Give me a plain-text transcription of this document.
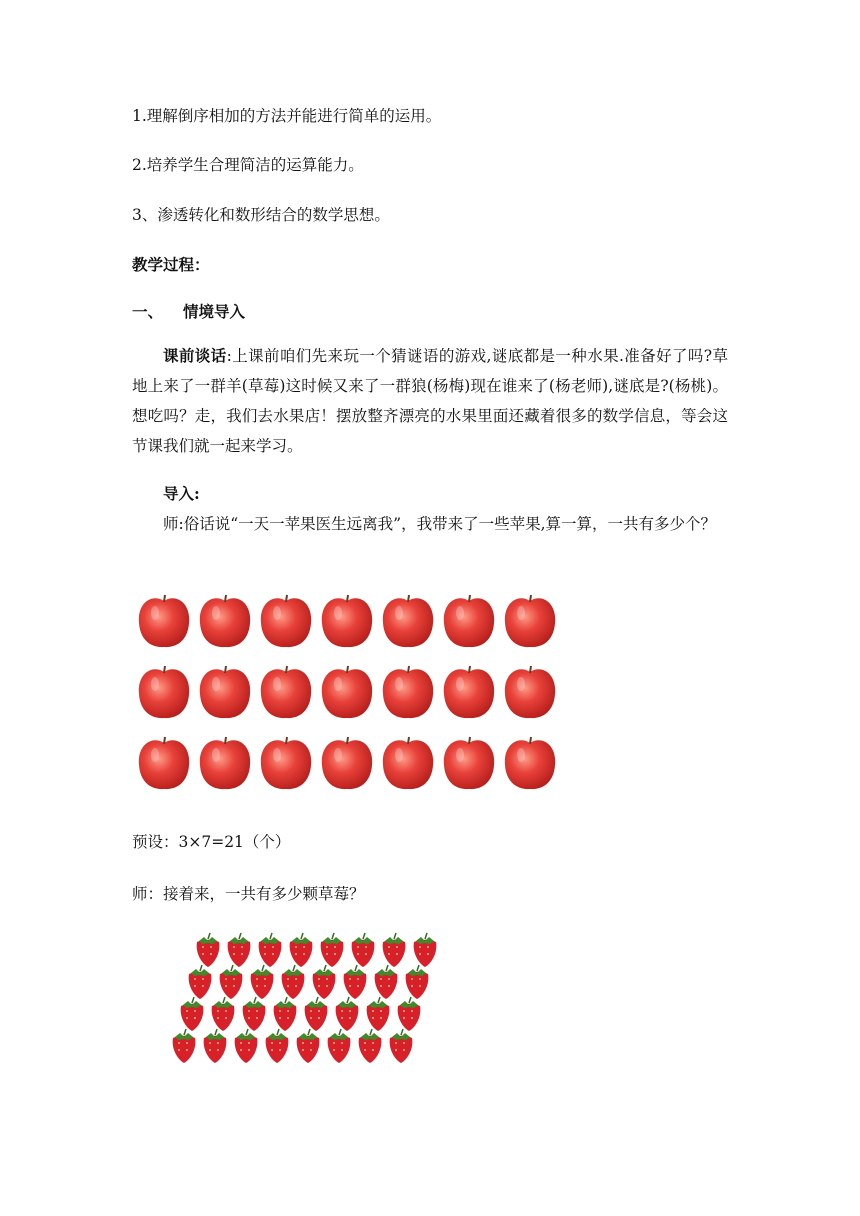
1.理解倒序相加的方法并能进行简单的运用。
2.培养学生合理简洁的运算能力。
3、渗透转化和数形结合的数学思想。
教学过程：
一、 情境导入
课前谈话:上课前咱们先来玩一个猜谜语的游戏,谜底都是一种水果.准备好了吗?草地上来了一群羊(草莓)这时候又来了一群狼(杨梅)现在谁来了(杨老师),谜底是?(杨桃)。想吃吗？走，我们去水果店！摆放整齐漂亮的水果里面还藏着很多的数学信息，等会这节课我们就一起来学习。
导入:
师:俗话说“一天一苹果医生远离我”，我带来了一些苹果,算一算，一共有多少个？
预设：3×7=21（个）
师：接着来，一共有多少颗草莓？
